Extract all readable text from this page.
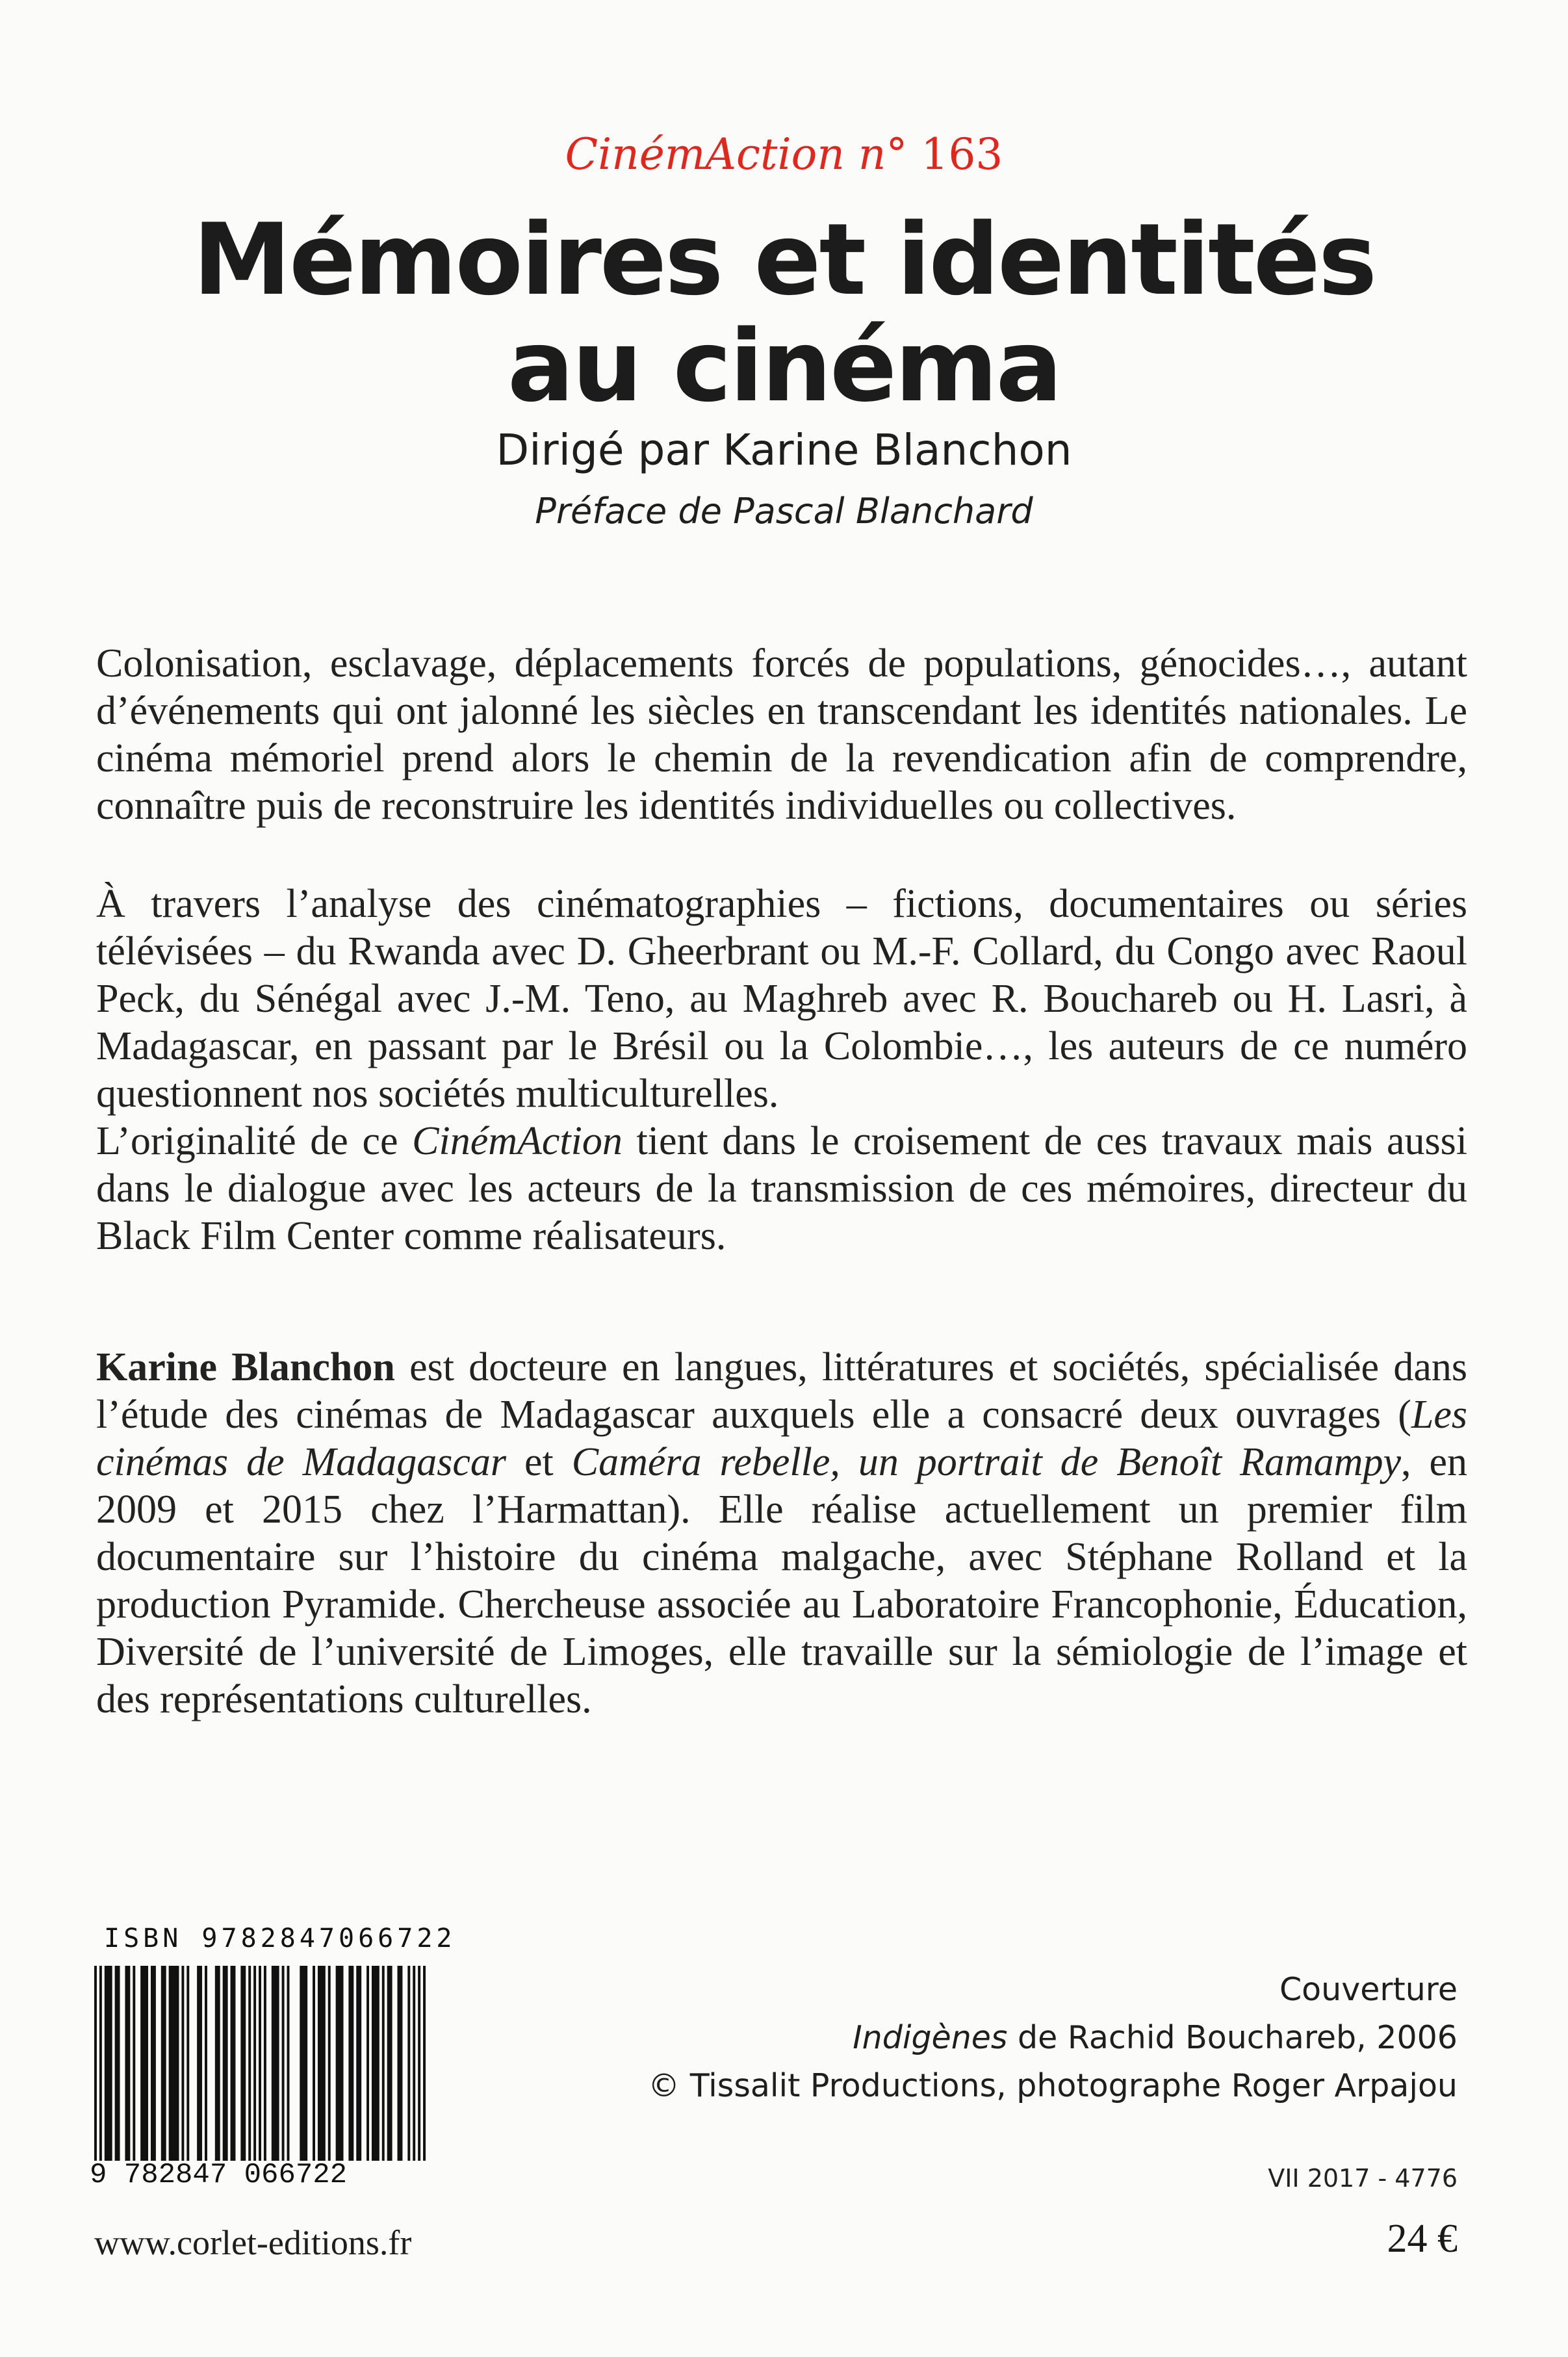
CinémAction n° 163
Mémoires et identités
au cinéma
Dirigé par Karine Blanchon
Préface de Pascal Blanchard

Colonisation, esclavage, déplacements forcés de populations, génocides…, autant d’événements qui ont jalonné les siècles en transcendant les identités nationales. Le cinéma mémoriel prend alors le chemin de la revendication afin de comprendre, connaître puis de reconstruire les identités individuelles ou collectives.

À travers l’analyse des cinématographies – fictions, documentaires ou séries télévisées – du Rwanda avec D. Gheerbrant ou M.-F. Collard, du Congo avec Raoul Peck, du Sénégal avec J.-M. Teno, au Maghreb avec R. Bouchareb ou H. Lasri, à Madagascar, en passant par le Brésil ou la Colombie…, les auteurs de ce numéro questionnent nos sociétés multiculturelles.

L’originalité de ce CinémAction tient dans le croisement de ces travaux mais aussi dans le dialogue avec les acteurs de la transmission de ces mémoires, directeur du Black Film Center comme réalisateurs.

Karine Blanchon est docteure en langues, littératures et sociétés, spécialisée dans l’étude des cinémas de Madagascar auxquels elle a consacré deux ouvrages (Les cinémas de Madagascar et Caméra rebelle, un portrait de Benoît Ramampy, en 2009 et 2015 chez l’Harmattan). Elle réalise actuellement un premier film documentaire sur l’histoire du cinéma malgache, avec Stéphane Rolland et la production Pyramide. Chercheuse associée au Laboratoire Francophonie, Éducation, Diversité de l’université de Limoges, elle travaille sur la sémiologie de l’image et des représentations culturelles.

ISBN 9782847066722
9 782847 066722
www.corlet-editions.fr
Couverture
Indigènes de Rachid Bouchareb, 2006
© Tissalit Productions, photographe Roger Arpajou
VII 2017 - 4776
24 €
